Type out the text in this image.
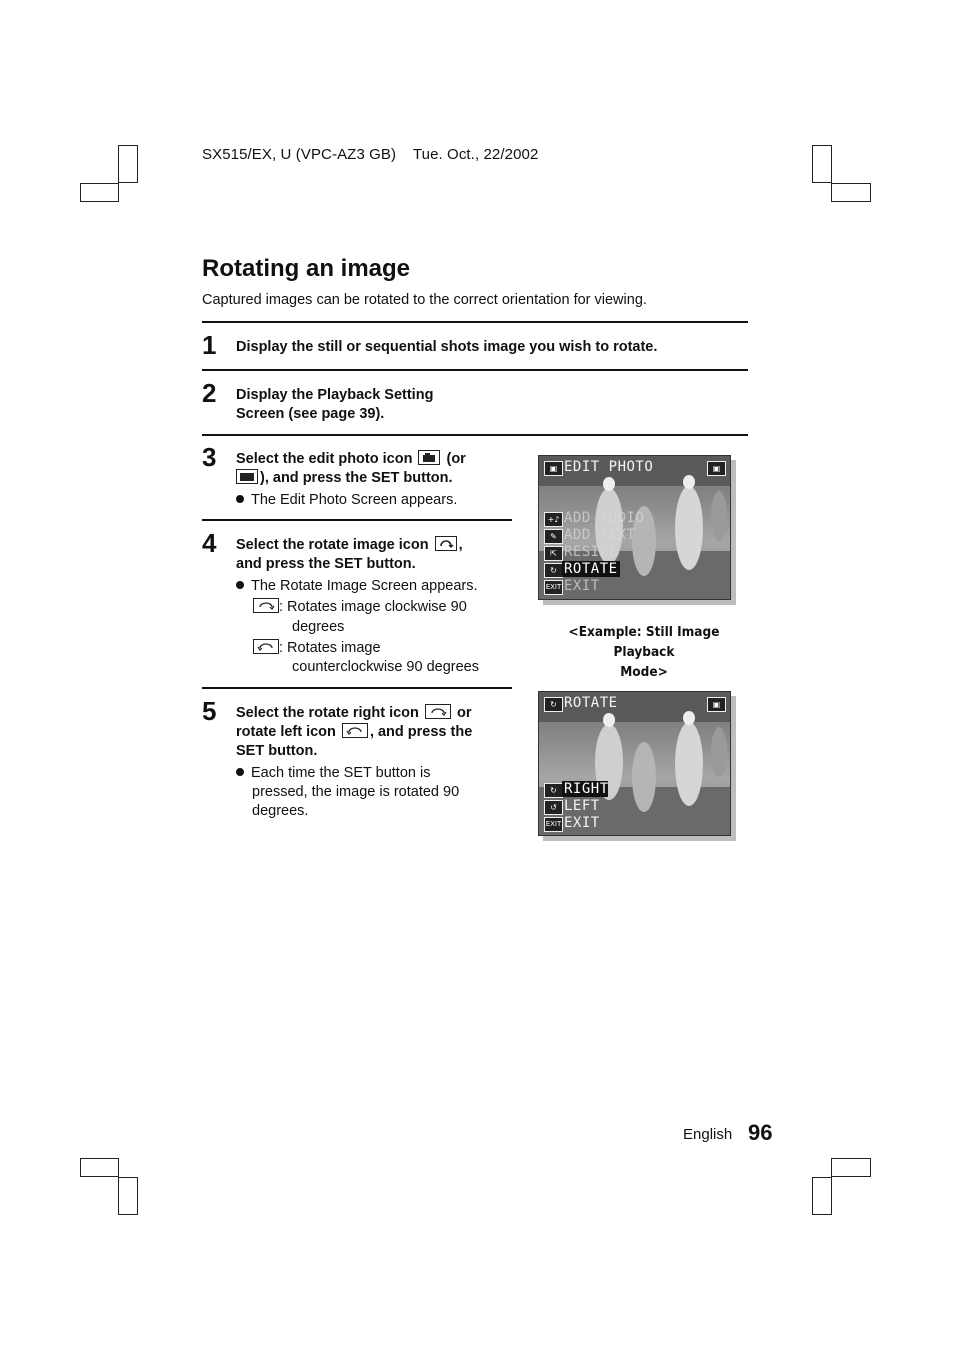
SX515/EX, U (VPC-AZ3 GB)    Tue. Oct., 22/2002
Rotating an image
Captured images can be rotated to the correct orientation for viewing.
1 Display the still or sequential shots image you wish to rotate.
2 Display the Playback Setting
Screen (see page 39).
3 Select the edit photo icon (or
), and press the SET button.
The Edit Photo Screen appears.
4 Select the rotate image icon ,
and press the SET button.
The Rotate Image Screen appears.
: Rotates image clockwise 90
degrees
: Rotates image
counterclockwise 90 degrees
5 Select the rotate right icon	or
rotate left icon , and press the
SET button.
Each time the SET button is
pressed, the image is rotated 90
degrees.
▣ EDIT PHOTO	▣
+♪ ADD AUDIO
✎ ADD TEXT
⇱ RESIZE
↻ ROTATE
EXIT EXIT
<Example: Still Image Playback
Mode>
↻ ROTATE	▣
↻ RIGHT
↺ LEFT
EXIT EXIT
English 96
